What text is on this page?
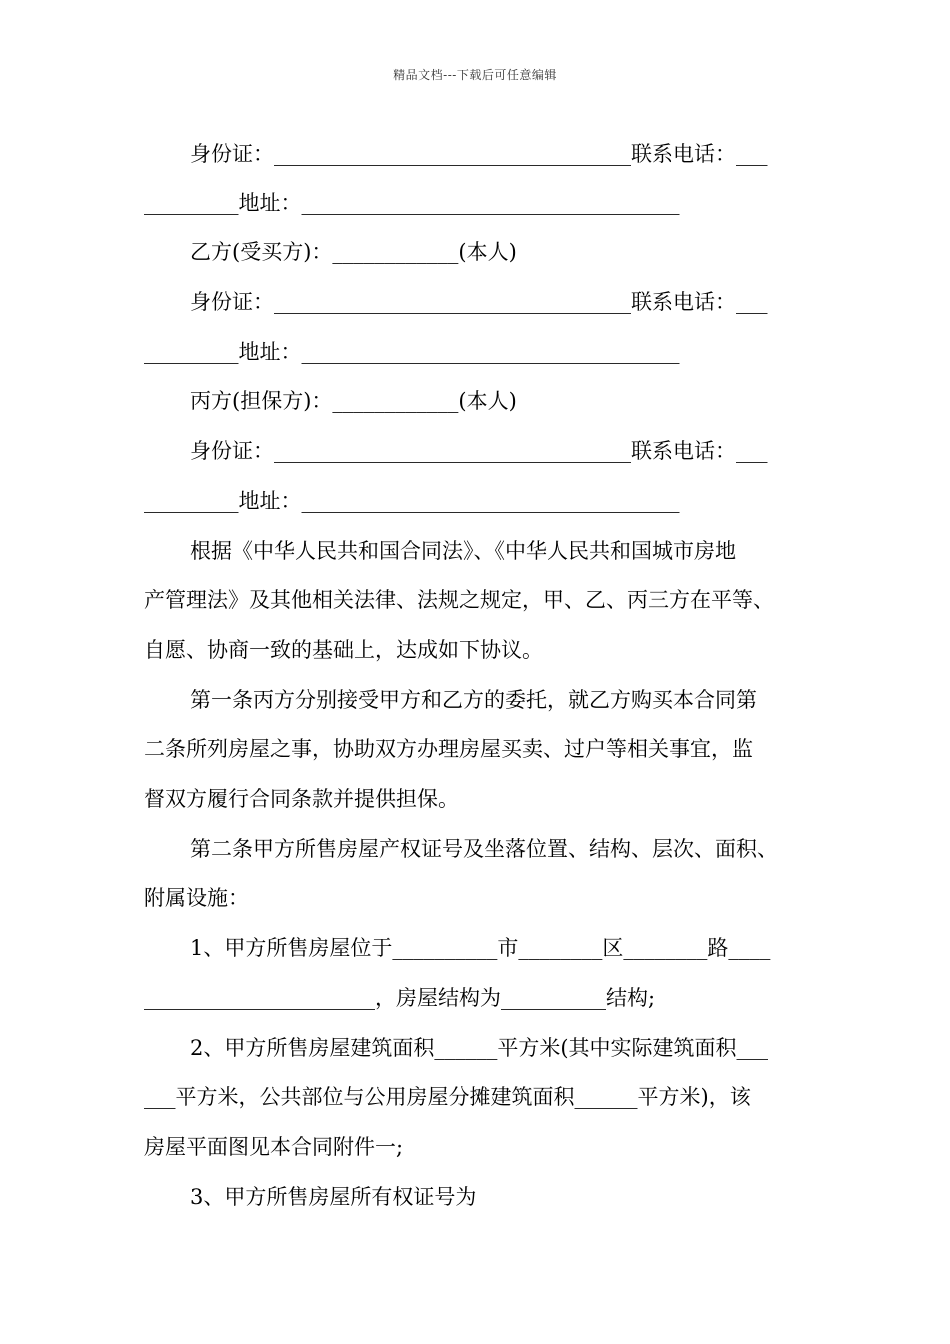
精品文档---下载后可任意编辑
身份证：__________________________________联系电话：___
_________地址：____________________________________
乙方(受买方)：____________(本人)
身份证：__________________________________联系电话：___
_________地址：____________________________________
丙方(担保方)：____________(本人)
身份证：__________________________________联系电话：___
_________地址：____________________________________
根据《中华人民共和国合同法》、《中华人民共和国城市房地
产管理法》及其他相关法律、法规之规定，甲、乙、丙三方在平等、
自愿、协商一致的基础上，达成如下协议。
第一条丙方分别接受甲方和乙方的委托，就乙方购买本合同第
二条所列房屋之事，协助双方办理房屋买卖、过户等相关事宜，监
督双方履行合同条款并提供担保。
第二条甲方所售房屋产权证号及坐落位置、结构、层次、面积、
附属设施：
1、甲方所售房屋位于__________市________区________路____
______________________，房屋结构为__________结构;
2、甲方所售房屋建筑面积______平方米(其中实际建筑面积___
___平方米，公共部位与公用房屋分摊建筑面积______平方米)，该
房屋平面图见本合同附件一;
3、甲方所售房屋所有权证号为
